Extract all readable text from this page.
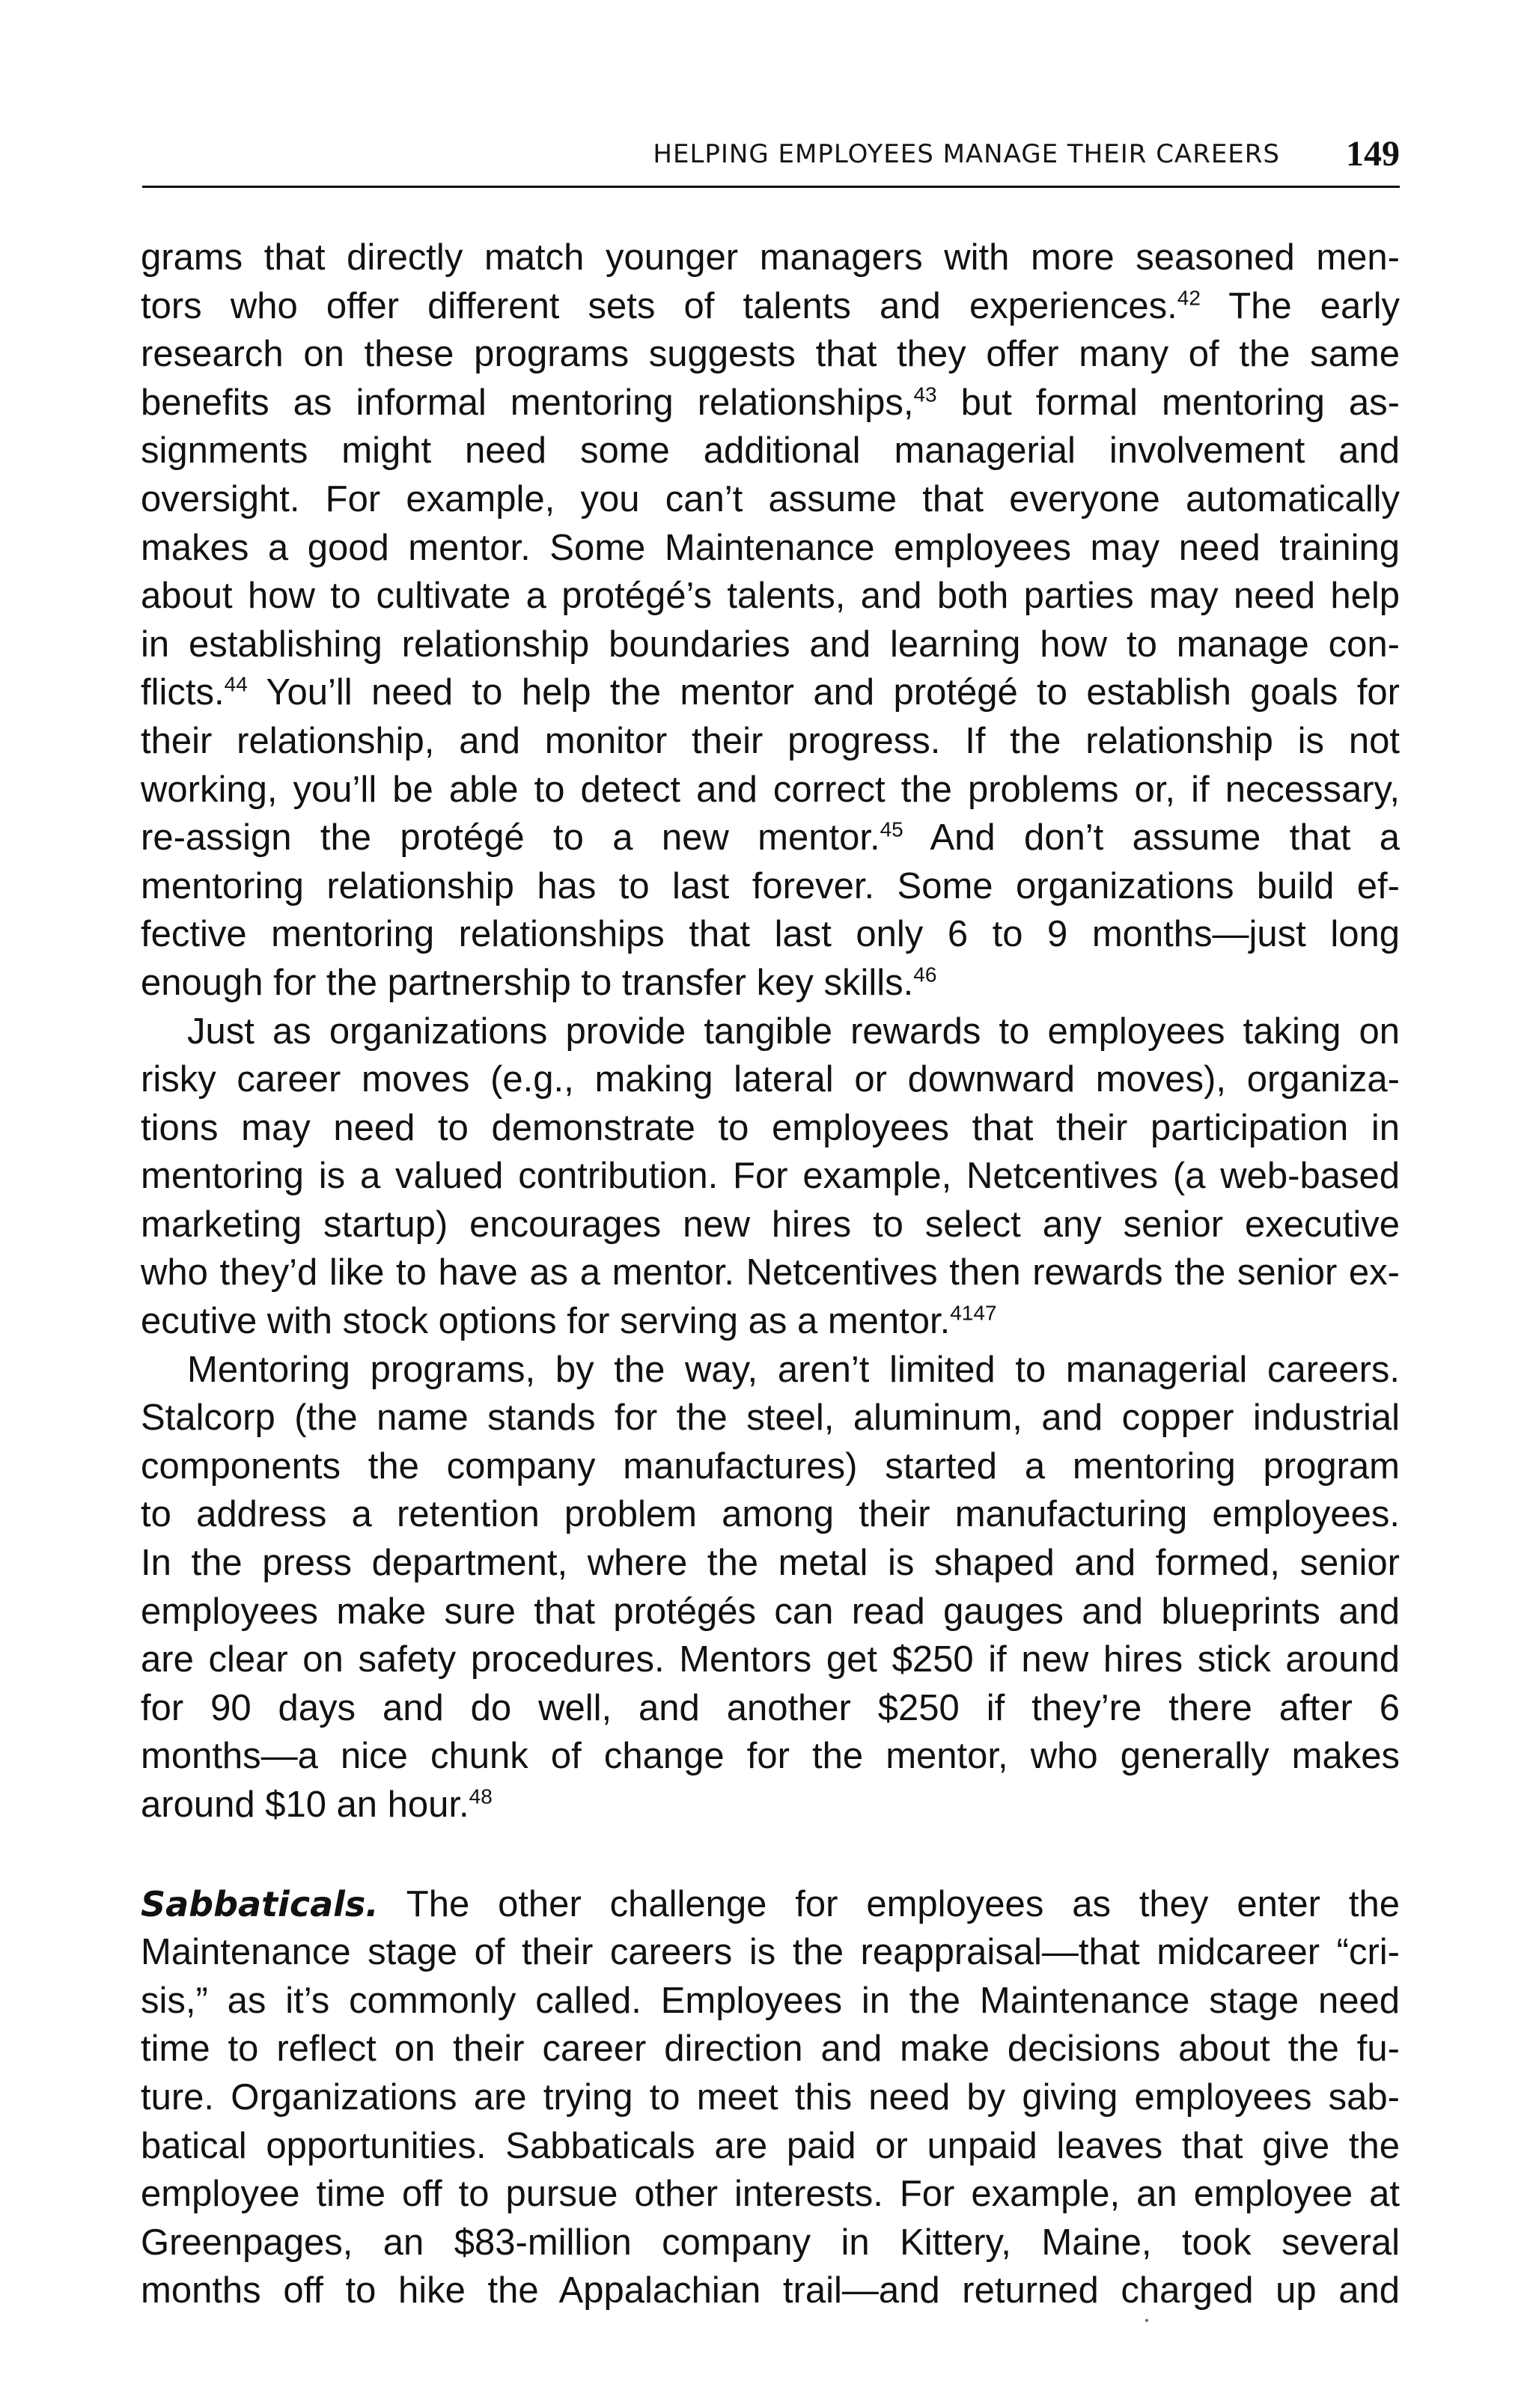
HELPING EMPLOYEES MANAGE THEIR CAREERS 149
grams that directly match younger managers with more seasoned men-
tors who offer different sets of talents and experiences.$^{42}$ The early
research on these programs suggests that they offer many of the same
benefits as informal mentoring relationships,$^{43}$ but formal mentoring as-
signments might need some additional managerial involvement and
oversight. For example, you can’t assume that everyone automatically
makes a good mentor. Some Maintenance employees may need training
about how to cultivate a protégé’s talents, and both parties may need help
in establishing relationship boundaries and learning how to manage con-
flicts.$^{44}$ You’ll need to help the mentor and protégé to establish goals for
their relationship, and monitor their progress. If the relationship is not
working, you’ll be able to detect and correct the problems or, if necessary,
re-assign the protégé to a new mentor.$^{45}$ And don’t assume that a
mentoring relationship has to last forever. Some organizations build ef-
fective mentoring relationships that last only 6 to 9 months—just long
enough for the partnership to transfer key skills.$^{46}$
Just as organizations provide tangible rewards to employees taking on
risky career moves (e.g., making lateral or downward moves), organiza-
tions may need to demonstrate to employees that their participation in
mentoring is a valued contribution. For example, Netcentives (a web-based
marketing startup) encourages new hires to select any senior executive
who they’d like to have as a mentor. Netcentives then rewards the senior ex-
ecutive with stock options for serving as a mentor.$^{4147}$
Mentoring programs, by the way, aren’t limited to managerial careers.
Stalcorp (the name stands for the steel, aluminum, and copper industrial
components the company manufactures) started a mentoring program
to address a retention problem among their manufacturing employees.
In the press department, where the metal is shaped and formed, senior
employees make sure that protégés can read gauges and blueprints and
are clear on safety procedures. Mentors get $250 if new hires stick around
for 90 days and do well, and another $250 if they’re there after 6
months—a nice chunk of change for the mentor, who generally makes
around $10 an hour.$^{48}$
Sabbaticals. The other challenge for employees as they enter the
Maintenance stage of their careers is the reappraisal—that midcareer “cri-
sis,” as it’s commonly called. Employees in the Maintenance stage need
time to reflect on their career direction and make decisions about the fu-
ture. Organizations are trying to meet this need by giving employees sab-
batical opportunities. Sabbaticals are paid or unpaid leaves that give the
employee time off to pursue other interests. For example, an employee at
Greenpages, an $83-million company in Kittery, Maine, took several
months off to hike the Appalachian trail—and returned charged up and
